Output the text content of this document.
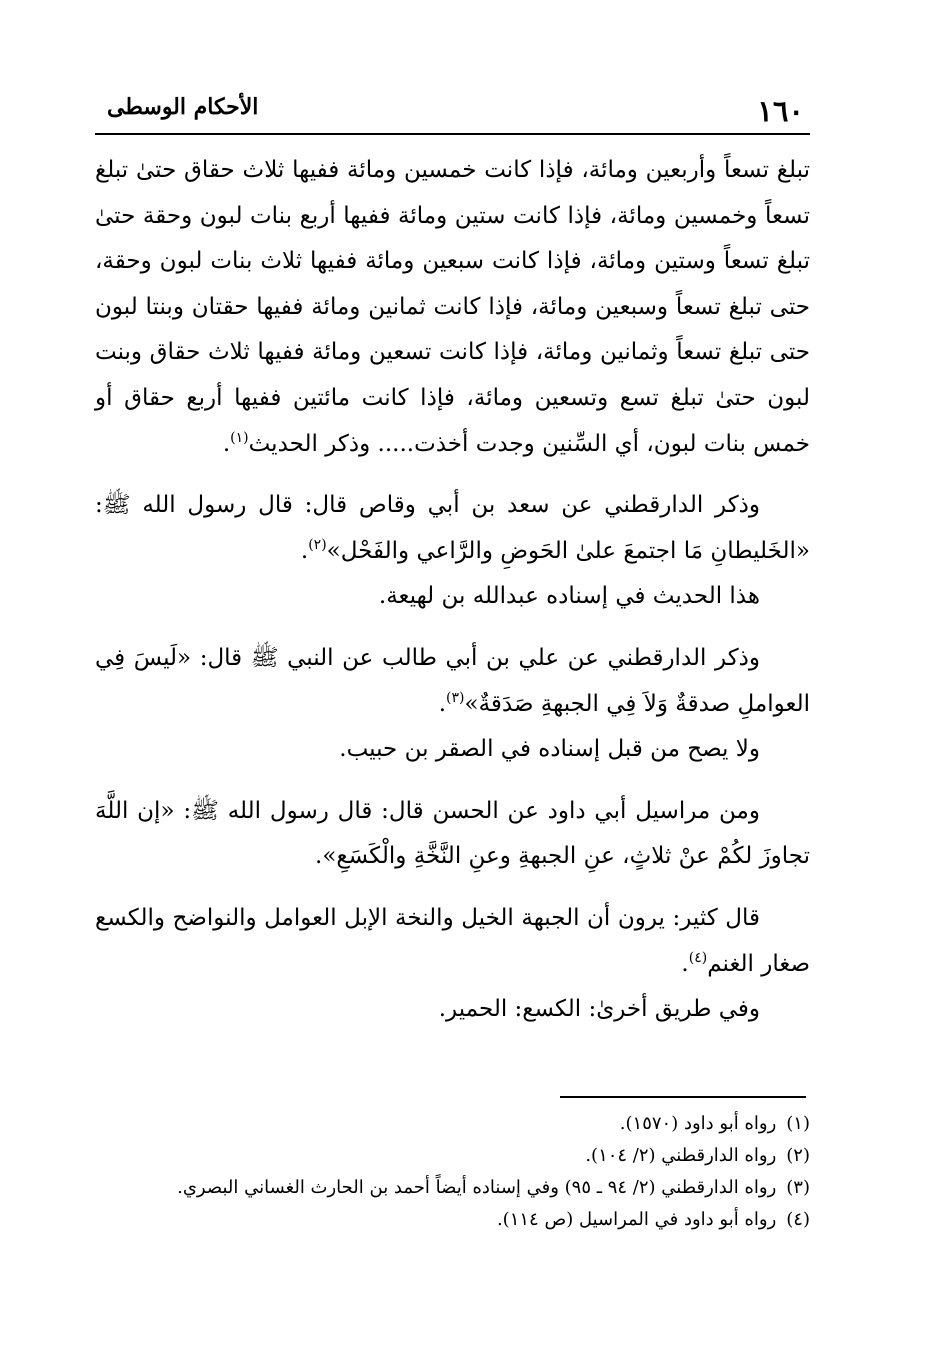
١٦٠
الأحكام الوسطى

تبلغ تسعاً وأربعين ومائة، فإذا كانت خمسين ومائة ففيها ثلاث حقاق حتىٰ تبلغ تسعاً وخمسين ومائة، فإذا كانت ستين ومائة ففيها أربع بنات لبون وحقة حتىٰ تبلغ تسعاً وستين ومائة، فإذا كانت سبعين ومائة ففيها ثلاث بنات لبون وحقة، حتى تبلغ تسعاً وسبعين ومائة، فإذا كانت ثمانين ومائة ففيها حقتان وبنتا لبون حتى تبلغ تسعاً وثمانين ومائة، فإذا كانت تسعين ومائة ففيها ثلاث حقاق وبنت لبون حتىٰ تبلغ تسع وتسعين ومائة، فإذا كانت مائتين ففيها أربع حقاق أو خمس بنات لبون، أي السِّنين وجدت أخذت..... وذكر الحديث$^{(١)}$.

وذكر الدارقطني عن سعد بن أبي وقاص قال: قال رسول الله ﷺ: «الخَليطانِ مَا اجتمعَ علىٰ الحَوضِ والرَّاعي والفَحْل»$^{(٢)}$.

هذا الحديث في إسناده عبدالله بن لهيعة.

وذكر الدارقطني عن علي بن أبي طالب عن النبي ﷺ قال: «لَيسَ فِي العواملِ صدقةٌ وَلاَ فِي الجبهةِ صَدَقةٌ»$^{(٣)}$.

ولا يصح من قبل إسناده في الصقر بن حبيب.

ومن مراسيل أبي داود عن الحسن قال: قال رسول الله ﷺ: «إن اللَّهَ تجاوزَ لكُمْ عنْ ثلاثٍ، عنِ الجبهةِ وعنِ النَّخَّةِ والْكَسَعِ».

قال كثير: يرون أن الجبهة الخيل والنخة الإبل العوامل والنواضح والكسع صغار الغنم$^{(٤)}$.

وفي طريق أخرىٰ: الكسع: الحمير.

(١)رواه أبو داود (١٥٧٠).

(٢)رواه الدارقطني (٢/ ١٠٤).

(٣)رواه الدارقطني (٢/ ٩٤ ـ ٩٥) وفي إسناده أيضاً أحمد بن الحارث الغساني البصري.

(٤)رواه أبو داود في المراسيل (ص ١١٤).
